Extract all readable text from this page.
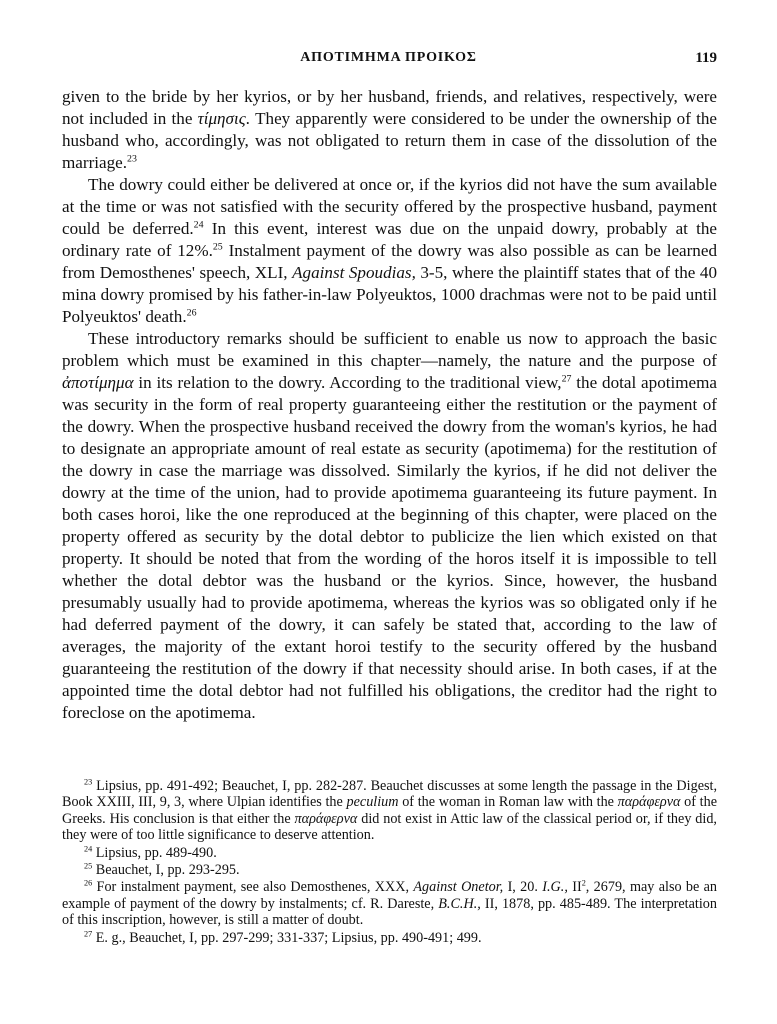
ΑΠΟΤΙΜΗΜΑ ΠΡΟΙΚΟΣ	119

given to the bride by her kyrios, or by her husband, friends, and relatives, respectively, were not included in the τίμησις. They apparently were considered to be under the ownership of the husband who, accordingly, was not obligated to return them in case of the dissolution of the marriage.$^{23}$

The dowry could either be delivered at once or, if the kyrios did not have the sum available at the time or was not satisfied with the security offered by the prospective husband, payment could be deferred.$^{24}$ In this event, interest was due on the unpaid dowry, probably at the ordinary rate of 12%.$^{25}$ Instalment payment of the dowry was also possible as can be learned from Demosthenes' speech, XLI, Against Spoudias, 3-5, where the plaintiff states that of the 40 mina dowry promised by his father-in-law Polyeuktos, 1000 drachmas were not to be paid until Polyeuktos' death.$^{26}$

These introductory remarks should be sufficient to enable us now to approach the basic problem which must be examined in this chapter—namely, the nature and the purpose of ἀποτίμημα in its relation to the dowry. According to the traditional view,$^{27}$ the dotal apotimema was security in the form of real property guaranteeing either the restitution or the payment of the dowry. When the prospective husband received the dowry from the woman's kyrios, he had to designate an appropriate amount of real estate as security (apotimema) for the restitution of the dowry in case the marriage was dissolved. Similarly the kyrios, if he did not deliver the dowry at the time of the union, had to provide apotimema guaranteeing its future payment. In both cases horoi, like the one reproduced at the beginning of this chapter, were placed on the property offered as security by the dotal debtor to publicize the lien which existed on that property. It should be noted that from the wording of the horos itself it is impossible to tell whether the dotal debtor was the husband or the kyrios. Since, however, the husband presumably usually had to provide apotimema, whereas the kyrios was so obligated only if he had deferred payment of the dowry, it can safely be stated that, according to the law of averages, the majority of the extant horoi testify to the security offered by the husband guaranteeing the restitution of the dowry if that necessity should arise. In both cases, if at the appointed time the dotal debtor had not fulfilled his obligations, the creditor had the right to foreclose on the apotimema.

$^{23}$ Lipsius, pp. 491-492; Beauchet, I, pp. 282-287. Beauchet discusses at some length the passage in the Digest, Book XXIII, III, 9, 3, where Ulpian identifies the peculium of the woman in Roman law with the παράφερνα of the Greeks. His conclusion is that either the παράφερνα did not exist in Attic law of the classical period or, if they did, they were of too little significance to deserve attention.

$^{24}$ Lipsius, pp. 489-490.

$^{25}$ Beauchet, I, pp. 293-295.

$^{26}$ For instalment payment, see also Demosthenes, XXX, Against Onetor, I, 20. I.G., $II^2$, 2679, may also be an example of payment of the dowry by instalments; cf. R. Dareste, B.C.H., II, 1878, pp. 485-489. The interpretation of this inscription, however, is still a matter of doubt.

$^{27}$ E. g., Beauchet, I, pp. 297-299; 331-337; Lipsius, pp. 490-491; 499.
